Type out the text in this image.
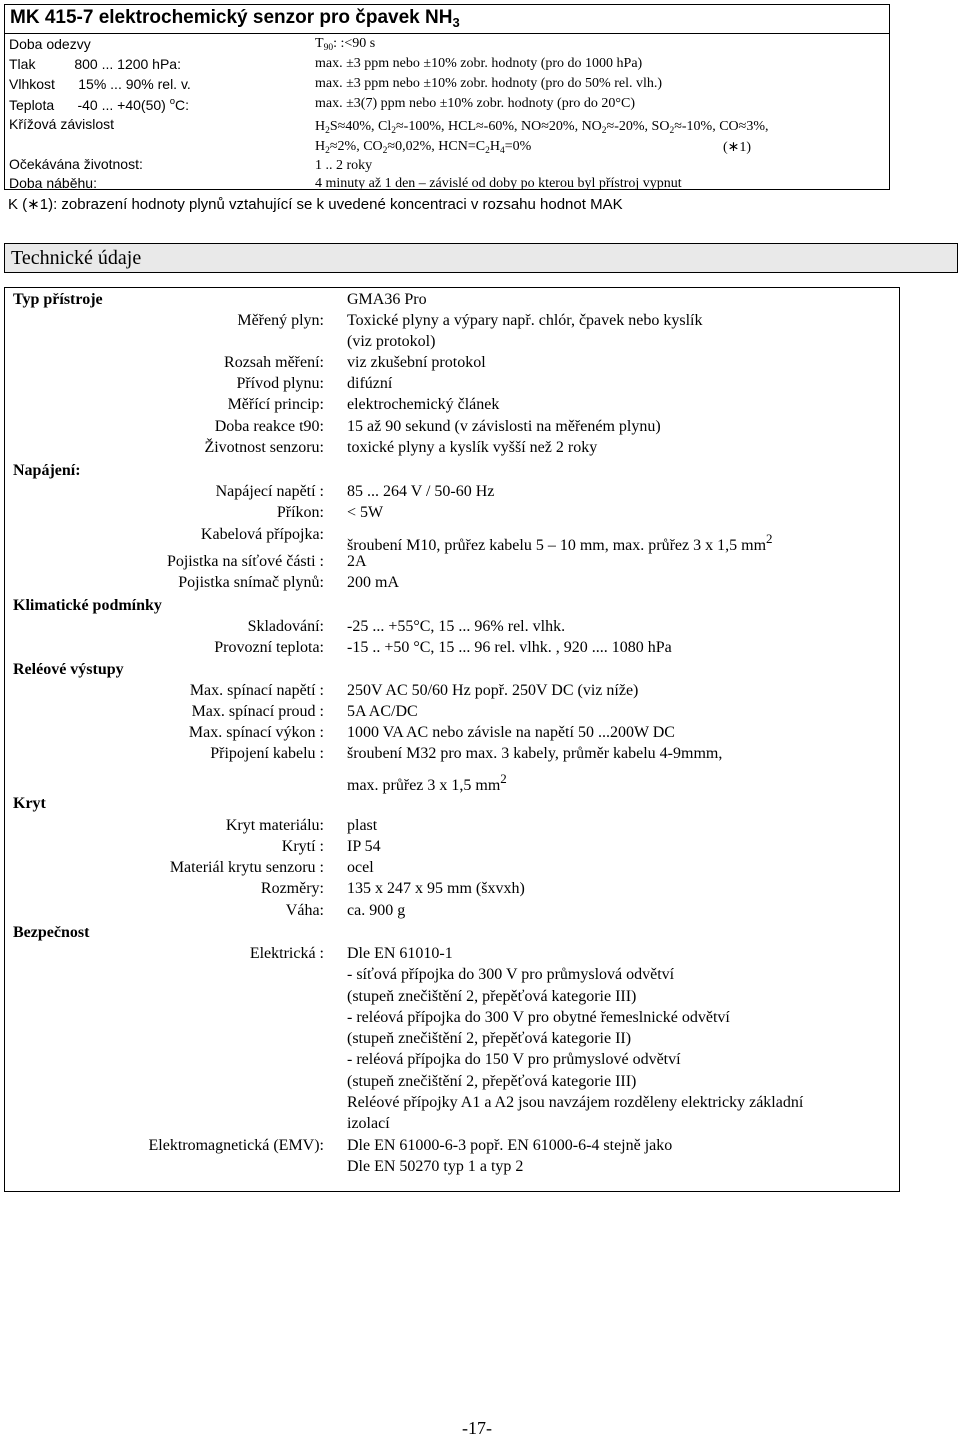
MK 415-7 elektrochemický senzor pro čpavek $NH_3$
Doba odezvy	$T_{90}$: :<90 s
Tlak          800 ... 1200 hPa:	max. ±3 ppm nebo ±10% zobr. hodnoty (pro do 1000 hPa)
Vlhkost      15% ... 90% rel. v.	max. ±3 ppm nebo ±10% zobr. hodnoty (pro do 50% rel. vlh.)
Teplota      -40 ... +40(50) $^o$C:	max. ±3(7) ppm nebo ±10% zobr. hodnoty (pro do 20°C)
Křížová závislost	$H_2S\approx 40\%$, $Cl_2\approx-100\%$, HCL≈-60%, NO≈20%, $NO_2\approx-20\%$, $SO_2\approx-10\%$, CO≈3%,
$H_2\approx 2\%$, $CO_2\approx 0,02\%$, $HCN=C_2H_4=0\%$	(∗1)
Očekávána životnost:	1 .. 2 roky
Doba náběhu:	4 minuty až 1 den – závislé od doby po kterou byl přístroj vypnut
K (∗1): zobrazení hodnoty plynů vztahující se k uvedené koncentraci v rozsahu hodnot MAK
Technické údaje
Typ přístroje	GMA36 Pro
Měřený plyn: Toxické plyny a výpary např. chlór, čpavek nebo kyslík
(viz protokol)
Rozsah měření: viz zkušební protokol
Přívod plynu: difúzní
Měřící princip: elektrochemický článek
Doba reakce t90: 15 až 90 sekund (v závislosti na měřeném plynu)
Životnost senzoru: toxické plyny a kyslík vyšší než 2 roky
Napájení:
Napájecí napětí : 85 ... 264 V / 50-60 Hz
Příkon: < 5W
Kabelová přípojka:
šroubení M10, průřez kabelu 5 – 10 mm, max. průřez 3 x 1,5 $mm^2$
Pojistka na síťové části : 2A
Pojistka snímač plynů: 200 mA
Klimatické podmínky
Skladování: -25 ... +55°C, 15 ... 96% rel. vlhk.
Provozní teplota: -15 .. +50 °C, 15 ... 96 rel. vlhk. , 920 .... 1080 hPa
Reléové výstupy
Max. spínací napětí : 250V AC 50/60 Hz popř. 250V DC (viz níže)
Max. spínací proud : 5A AC/DC
Max. spínací výkon : 1000 VA AC nebo závisle na napětí 50 ...200W DC
Připojení kabelu : šroubení M32 pro max. 3 kabely, průměr kabelu 4-9mmm,
max. průřez 3 x 1,5 $mm^2$
Kryt
Kryt materiálu: plast
Krytí : IP 54
Materiál krytu senzoru : ocel
Rozměry: 135 x 247 x 95 mm (šxvxh)
Váha: ca. 900 g
Bezpečnost
Elektrická : Dle EN 61010-1
- síťová přípojka do 300 V pro průmyslová odvětví
(stupeň znečištění 2, přepěťová kategorie III)
- reléová přípojka do 300 V pro obytné řemeslnické odvětví
(stupeň znečištění 2, přepěťová kategorie II)
- reléová přípojka do 150 V pro průmyslové odvětví
(stupeň znečištění 2, přepěťová kategorie III)
Reléové přípojky A1 a A2 jsou navzájem rozděleny elektricky základní
izolací
Elektromagnetická (EMV): Dle EN 61000-6-3 popř. EN 61000-6-4 stejně jako
Dle EN 50270 typ 1 a typ 2
-17-
